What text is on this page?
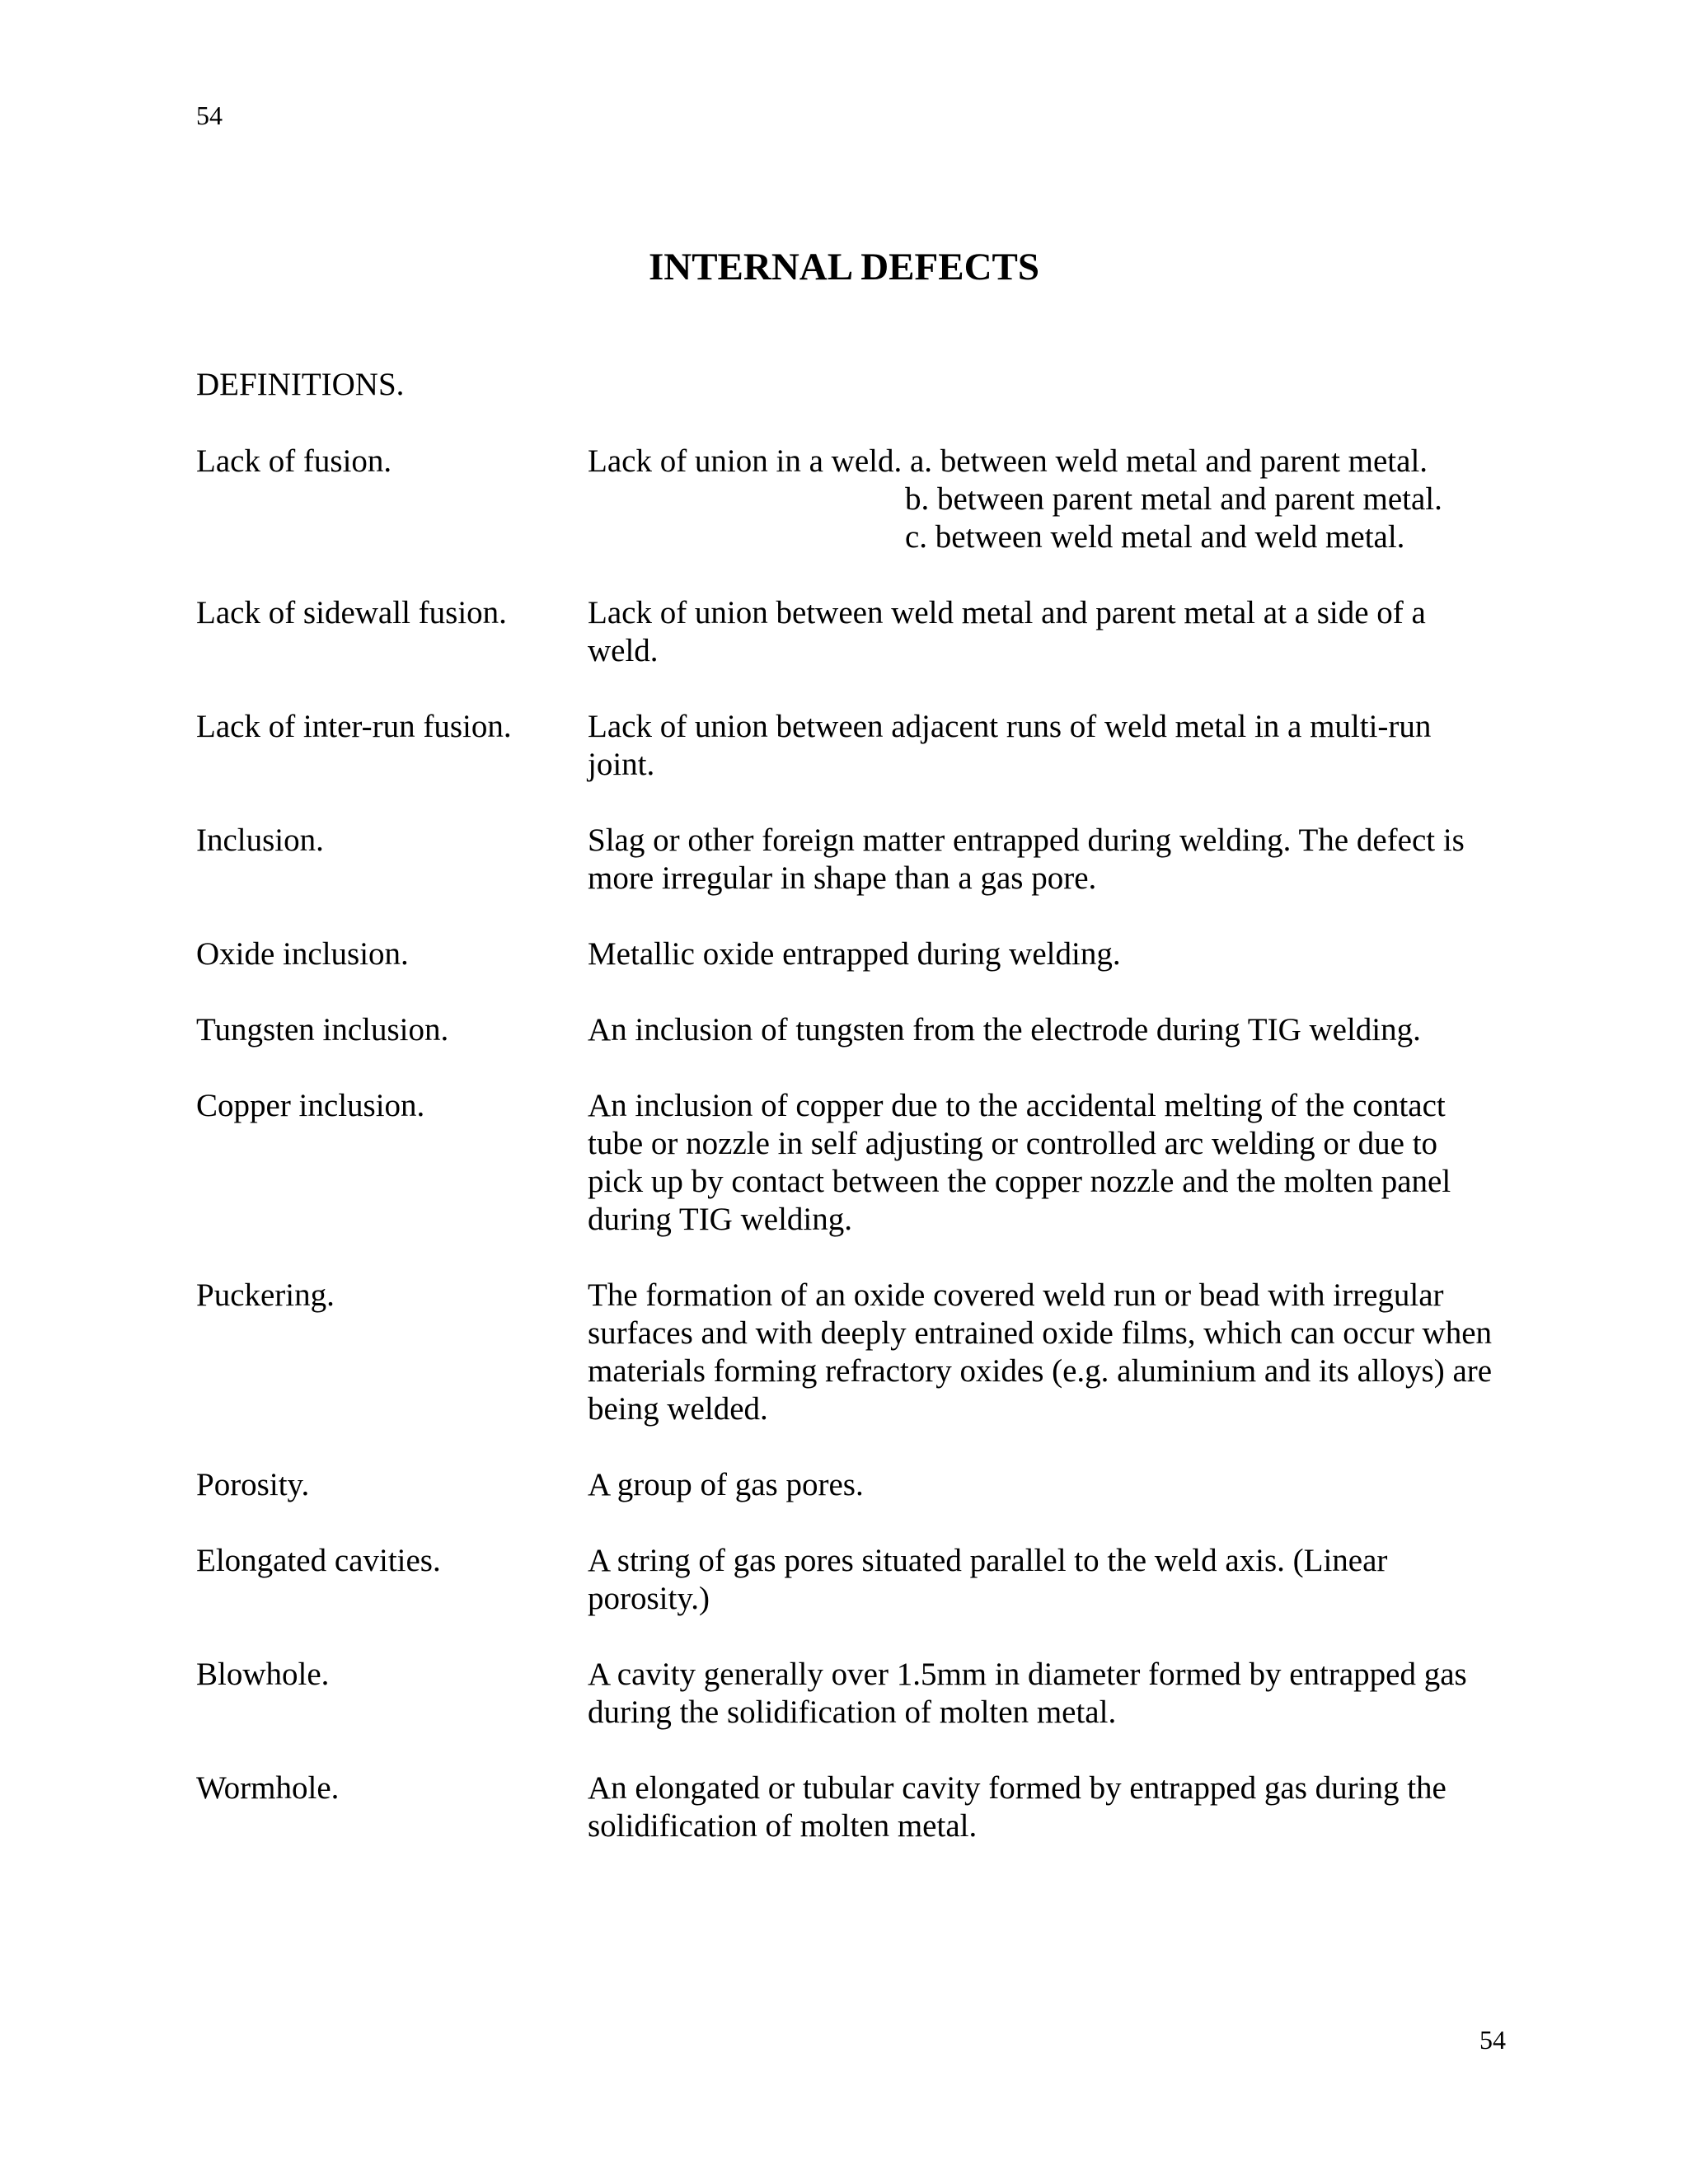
54
INTERNAL DEFECTS
DEFINITIONS.
Lack of fusion.	Lack of union in a weld. a. between weld metal and parent metal.
b. between parent metal and parent metal.
c. between weld metal and weld metal.
Lack of sidewall fusion.	Lack of union between weld metal and parent metal at a side of a
weld.
Lack of inter-run fusion.	Lack of union between adjacent runs of weld metal in a multi-run
joint.
Inclusion.	Slag or other foreign matter entrapped during welding. The defect is
more irregular in shape than a gas pore.
Oxide inclusion.	Metallic oxide entrapped during welding.
Tungsten inclusion.	An inclusion of tungsten from the electrode during TIG welding.
Copper inclusion.	An inclusion of copper due to the accidental melting of the contact
tube or nozzle in self adjusting or controlled arc welding or due to
pick up by contact between the copper nozzle and the molten panel
during TIG welding.
Puckering.	The formation of an oxide covered weld run or bead with irregular
surfaces and with deeply entrained oxide films, which can occur when
materials forming refractory oxides (e.g. aluminium and its alloys) are
being welded.
Porosity.	A group of gas pores.
Elongated cavities.	A string of gas pores situated parallel to the weld axis. (Linear
porosity.)
Blowhole.	A cavity generally over 1.5mm in diameter formed by entrapped gas
during the solidification of molten metal.
Wormhole.	An elongated or tubular cavity formed by entrapped gas during the
solidification of molten metal.
54
